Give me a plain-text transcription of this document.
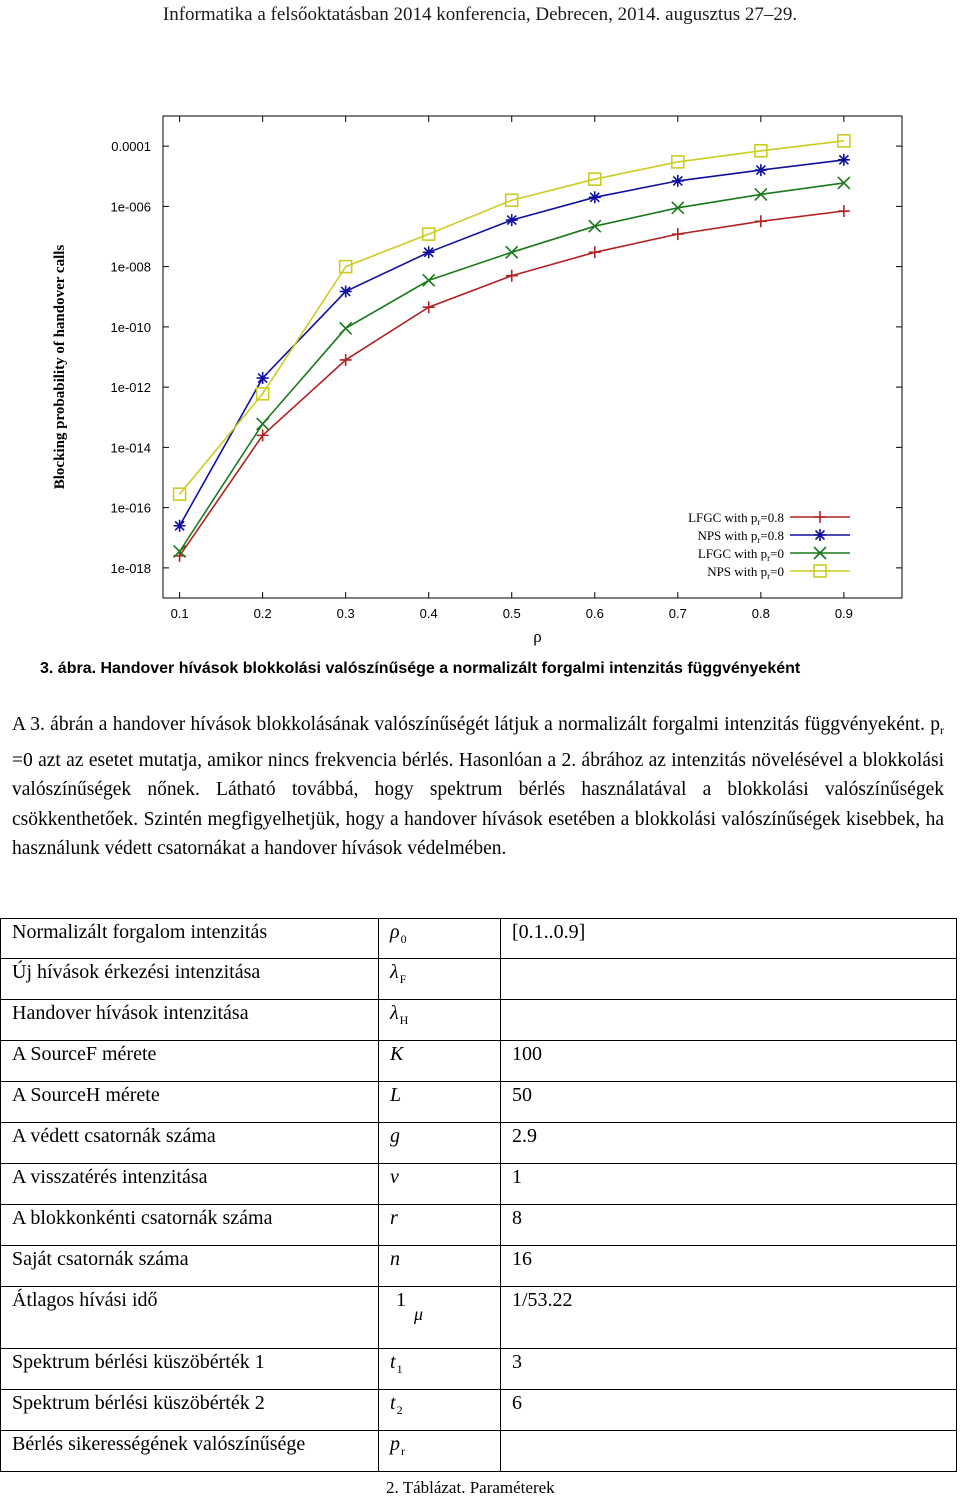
Informatika a felsőoktatásban 2014 konferencia, Debrecen, 2014. augusztus 27–29.
0.1	0.2	0.3	0.4	0.5	0.6	0.7	0.8	0.9
1e-018
1e-016
1e-014
1e-012
1e-010
1e-008
1e-006
0.0001
ρ
Blocking probability of handover calls
LFGC with $p_r=0.8$
NPS with $p_r=0.8$
LFGC with $p_r=0$
NPS with $p_r=0$
3. ábra. Handover hívások blokkolási valószínűsége a normalizált forgalmi intenzitás függvényeként
A 3. ábrán a handover hívások blokkolásának valószínűségét látjuk a normalizált forgalmi intenzitás függvényeként. $p_r =0$ azt az esetet mutatja, amikor nincs frekvencia bérlés. Hasonlóan a 2. ábrához az intenzitás növelésével a blokkolási valószínűségek nőnek. Látható továbbá, hogy spektrum bérlés használatával a blokkolási valószínűségek csökkenthetőek. Szintén megfigyelhetjük, hogy a handover hívások esetében a blokkolási valószínűségek kisebbek, ha használunk védett csatornákat a handover hívások védelmében.
Normalizált forgalom intenzitás	$\rho_0$	[0.1..0.9]
Új hívások érkezési intenzitása	$\lambda_F$	
Handover hívások intenzitása	$\lambda_H$	
A SourceF mérete	K	100
A SourceH mérete	L	50
A védett csatornák száma	g	2.9
A visszatérés intenzitása	ν	1
A blokkonkénti csatornák száma	r	8
Saját csatornák száma	n	16
Átlagos hívási idő	1μ	1/53.22
Spektrum bérlési küszöbérték 1	$t_1$	3
Spektrum bérlési küszöbérték 2	$t_2$	6
Bérlés sikerességének valószínűsége	$p_r$	
2. Táblázat. Paraméterek
